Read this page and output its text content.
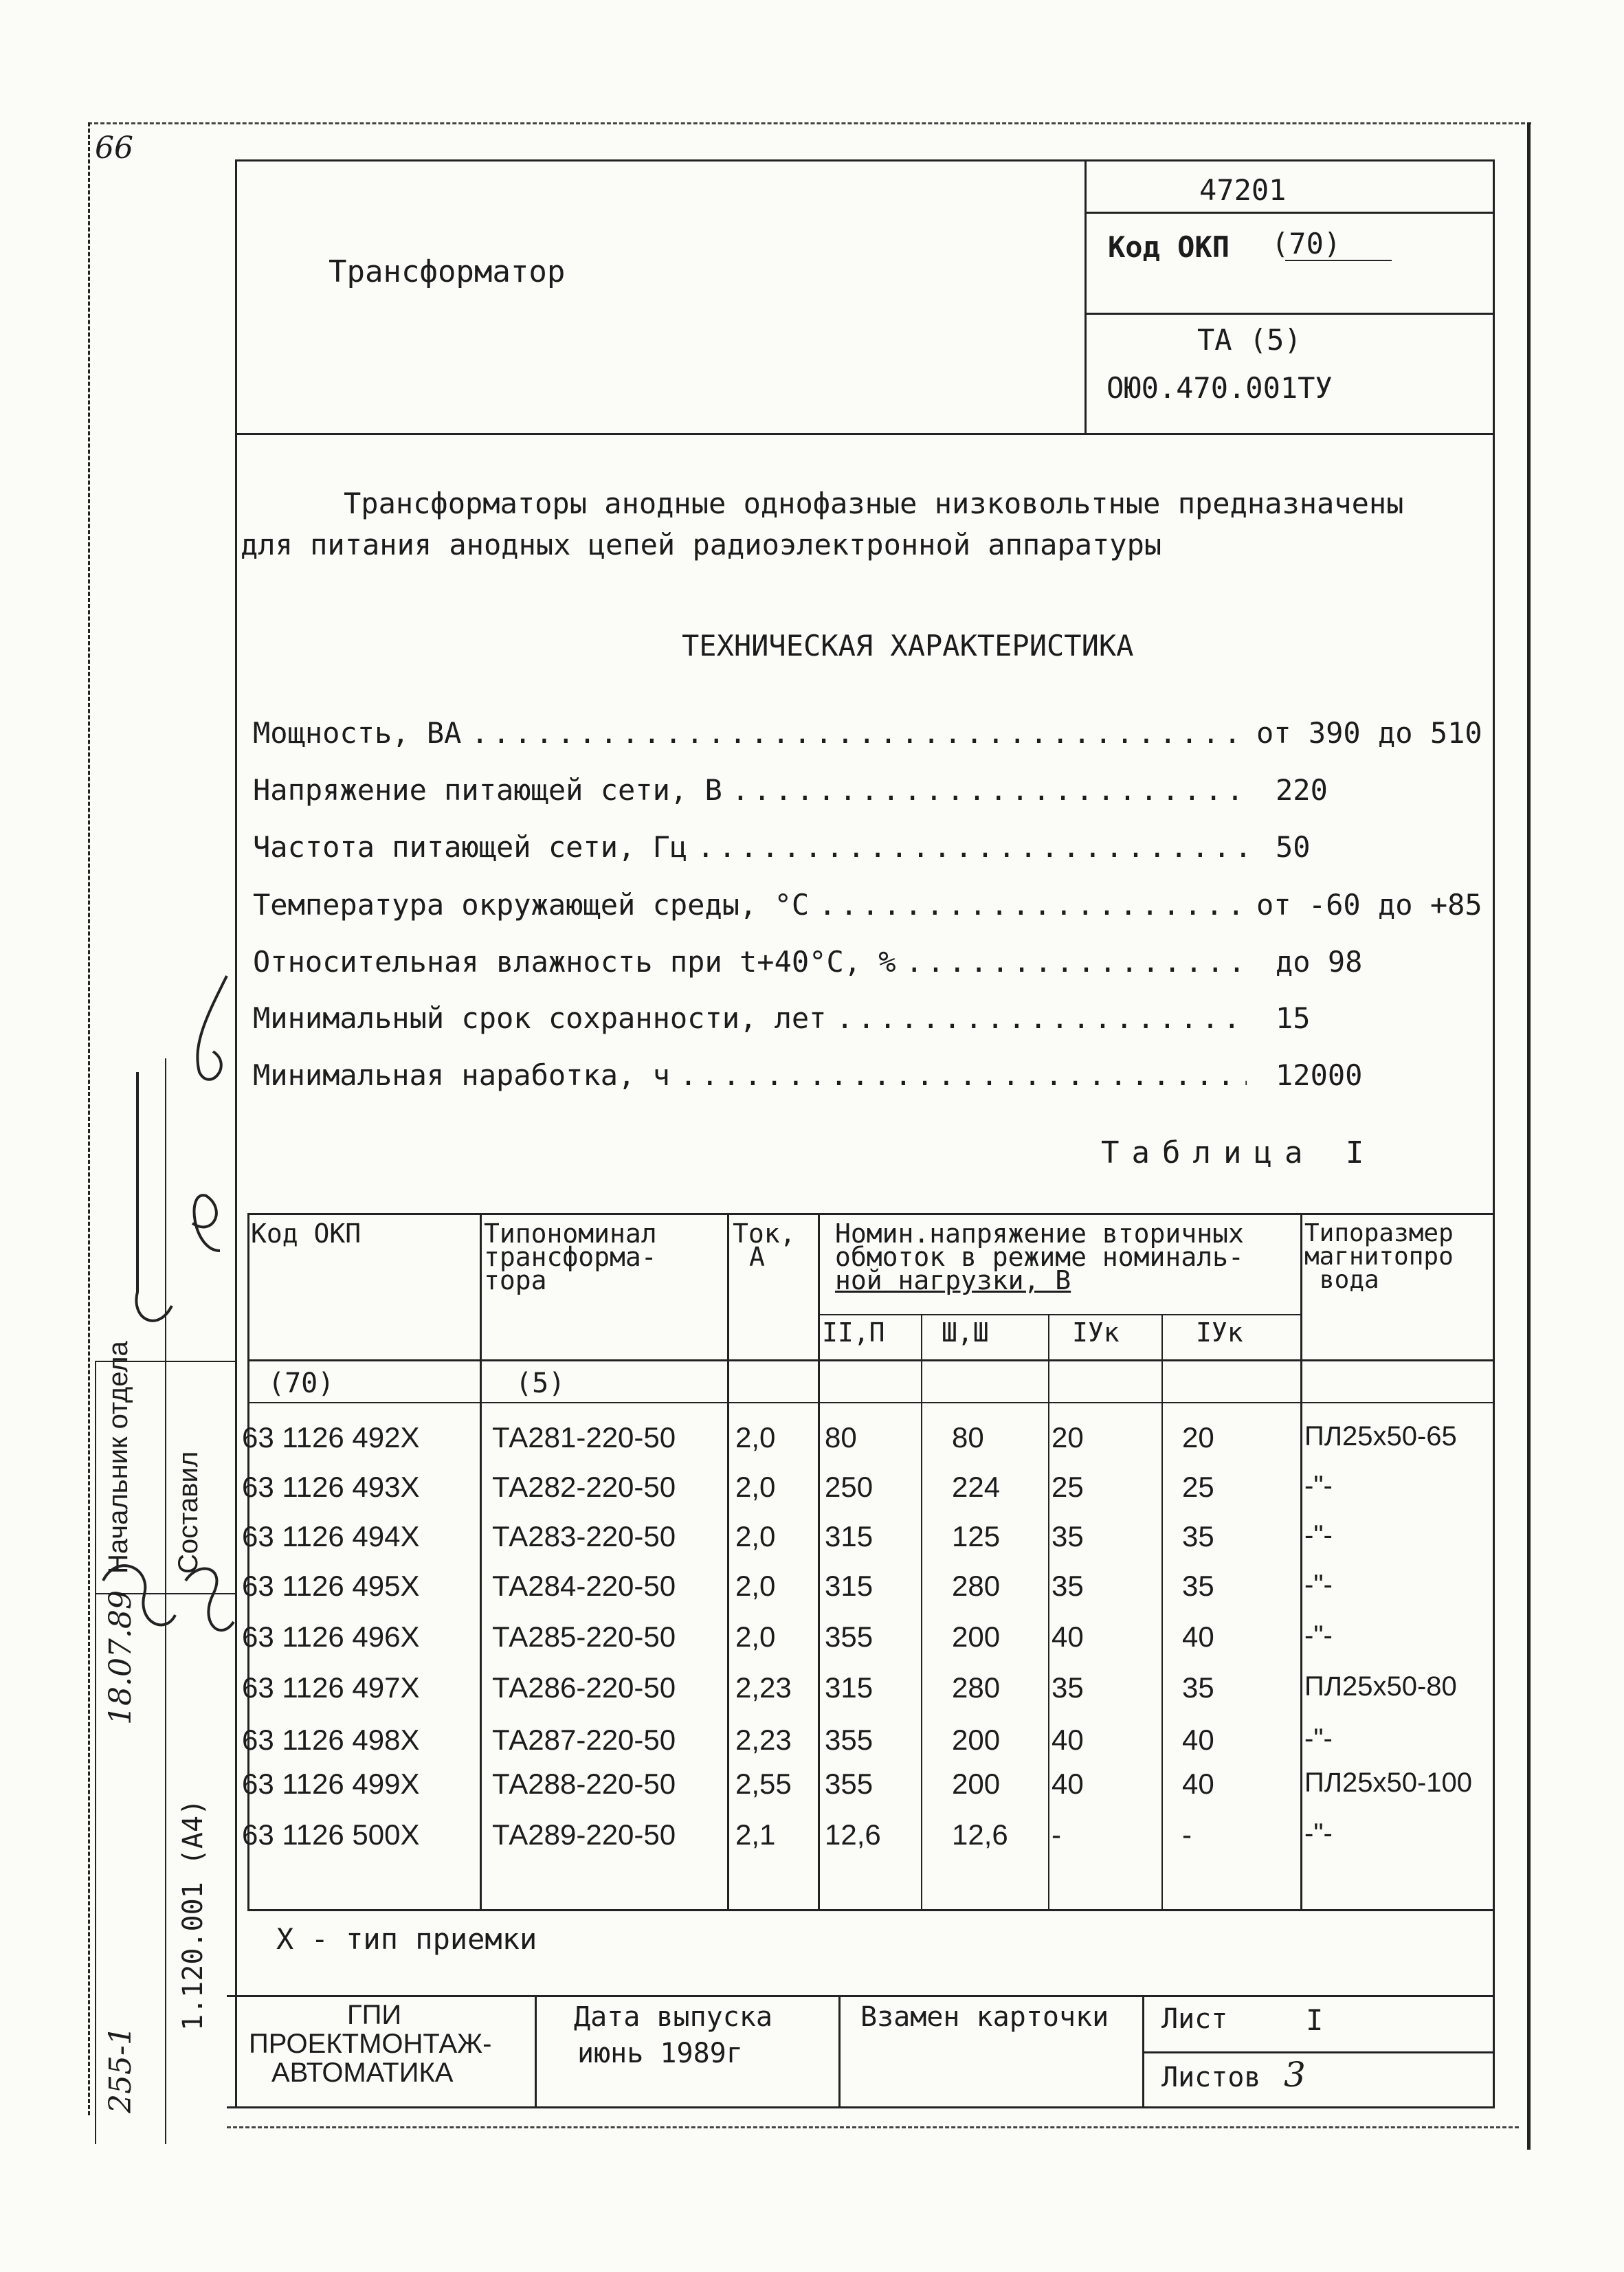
66
Трансформатор
47201
Код ОКП (70)
ТА (5)
ОЮ0.470.001ТУ
Трансформаторы анодные однофазные низковольтные предназначены
для питания анодных цепей радиоэлектронной аппаратуры
ТЕХНИЧЕСКАЯ ХАРАКТЕРИСТИКА
Мощность, ВА .....	от 390 до 510
Напряжение питающей сети, В .....	220
Частота питающей сети, Гц .....	50
Температура окружающей среды, °С .....	от -60 до +85
Относительная влажность при t+40°С, % .....	до 98
Минимальный срок сохранности, лет .....	15
Минимальная наработка, ч .....	12000
Таблица I
Код ОКП	Типономинал
трансформа-
тора
Ток,
А
Номин.напряжение вторичных
обмоток в режиме номиналь-
ной нагрузки, В
II,П Ш,Ш	IУк	IУк
Типоразмер
магнитопро
вода
(70)	(5)
63 1126 492Х	ТА281-220-50 2,0 80	80 20	20	ПЛ25х50-65
63 1126 493Х	ТА282-220-50 2,0 250	224 25	25	-"-
63 1126 494Х	ТА283-220-50 2,0 315	125 35	35	-"-
63 1126 495Х	ТА284-220-50 2,0 315	280 35	35	-"-
63 1126 496Х	ТА285-220-50 2,0 355	200 40	40	-"-
63 1126 497Х	ТА286-220-50 2,23 315	280 35	35	ПЛ25х50-80
63 1126 498Х	ТА287-220-50 2,23 355	200 40	40	-"-
63 1126 499Х	ТА288-220-50 2,55 355	200 40	40	ПЛ25х50-100
63 1126 500Х	ТА289-220-50 2,1 12,6 12,6 -	-	-"-
Х - тип приемки
ГПИ
ПРОЕКТМОНТАЖ-
АВТОМАТИКА
Дата выпуска
июнь 1989г
Взамен карточки Лист	I
Листов 3
Начальник отдела Составил
18.07.89
1.120.001 (А4)
255-1
